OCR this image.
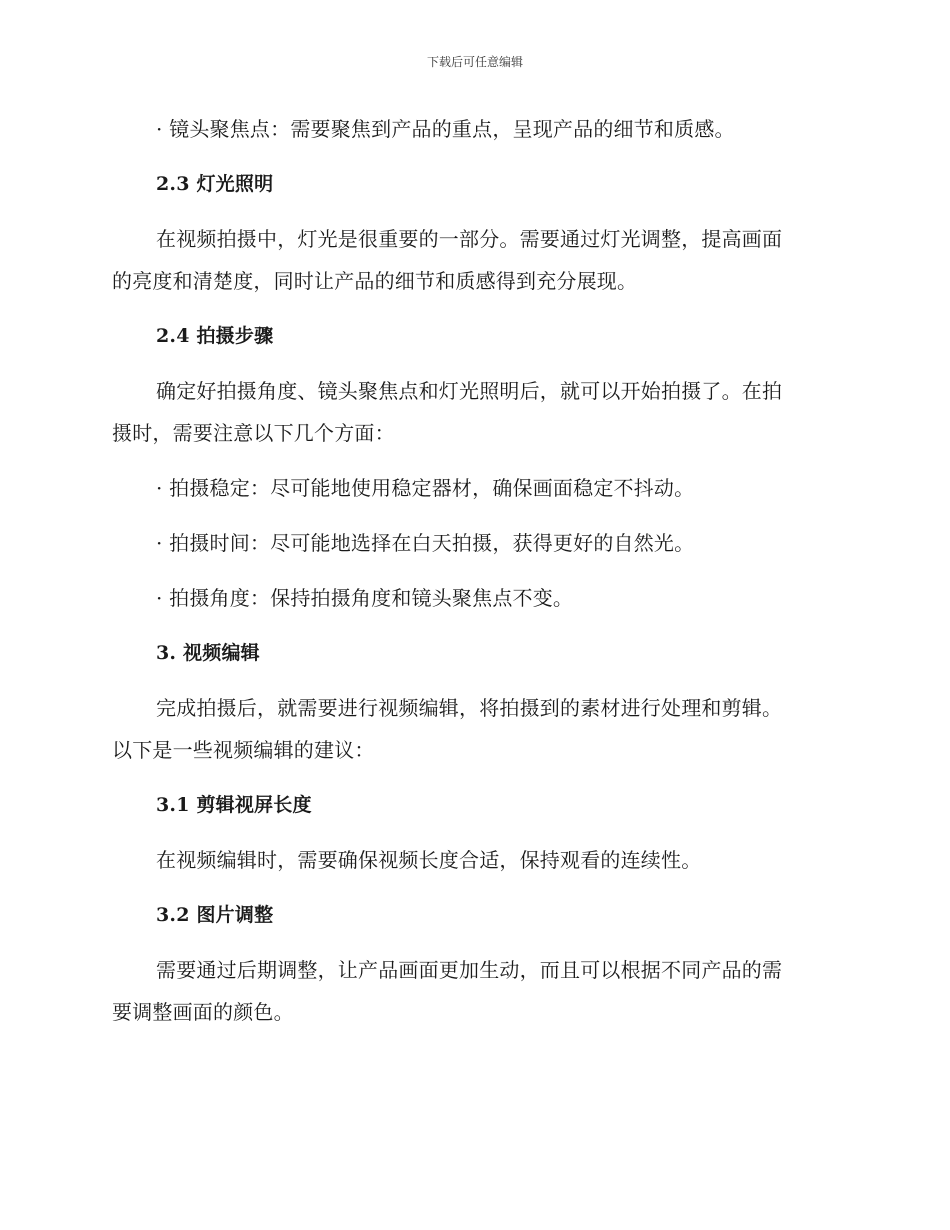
下载后可任意编辑
· 镜头聚焦点：需要聚焦到产品的重点，呈现产品的细节和质感。
2.3 灯光照明
在视频拍摄中，灯光是很重要的一部分。需要通过灯光调整，提高画面
的亮度和清楚度，同时让产品的细节和质感得到充分展现。
2.4 拍摄步骤
确定好拍摄角度、镜头聚焦点和灯光照明后，就可以开始拍摄了。在拍
摄时，需要注意以下几个方面：
· 拍摄稳定：尽可能地使用稳定器材，确保画面稳定不抖动。
· 拍摄时间：尽可能地选择在白天拍摄，获得更好的自然光。
· 拍摄角度：保持拍摄角度和镜头聚焦点不变。
3. 视频编辑
完成拍摄后，就需要进行视频编辑，将拍摄到的素材进行处理和剪辑。
以下是一些视频编辑的建议：
3.1 剪辑视屏长度
在视频编辑时，需要确保视频长度合适，保持观看的连续性。
3.2 图片调整
需要通过后期调整，让产品画面更加生动，而且可以根据不同产品的需
要调整画面的颜色。
